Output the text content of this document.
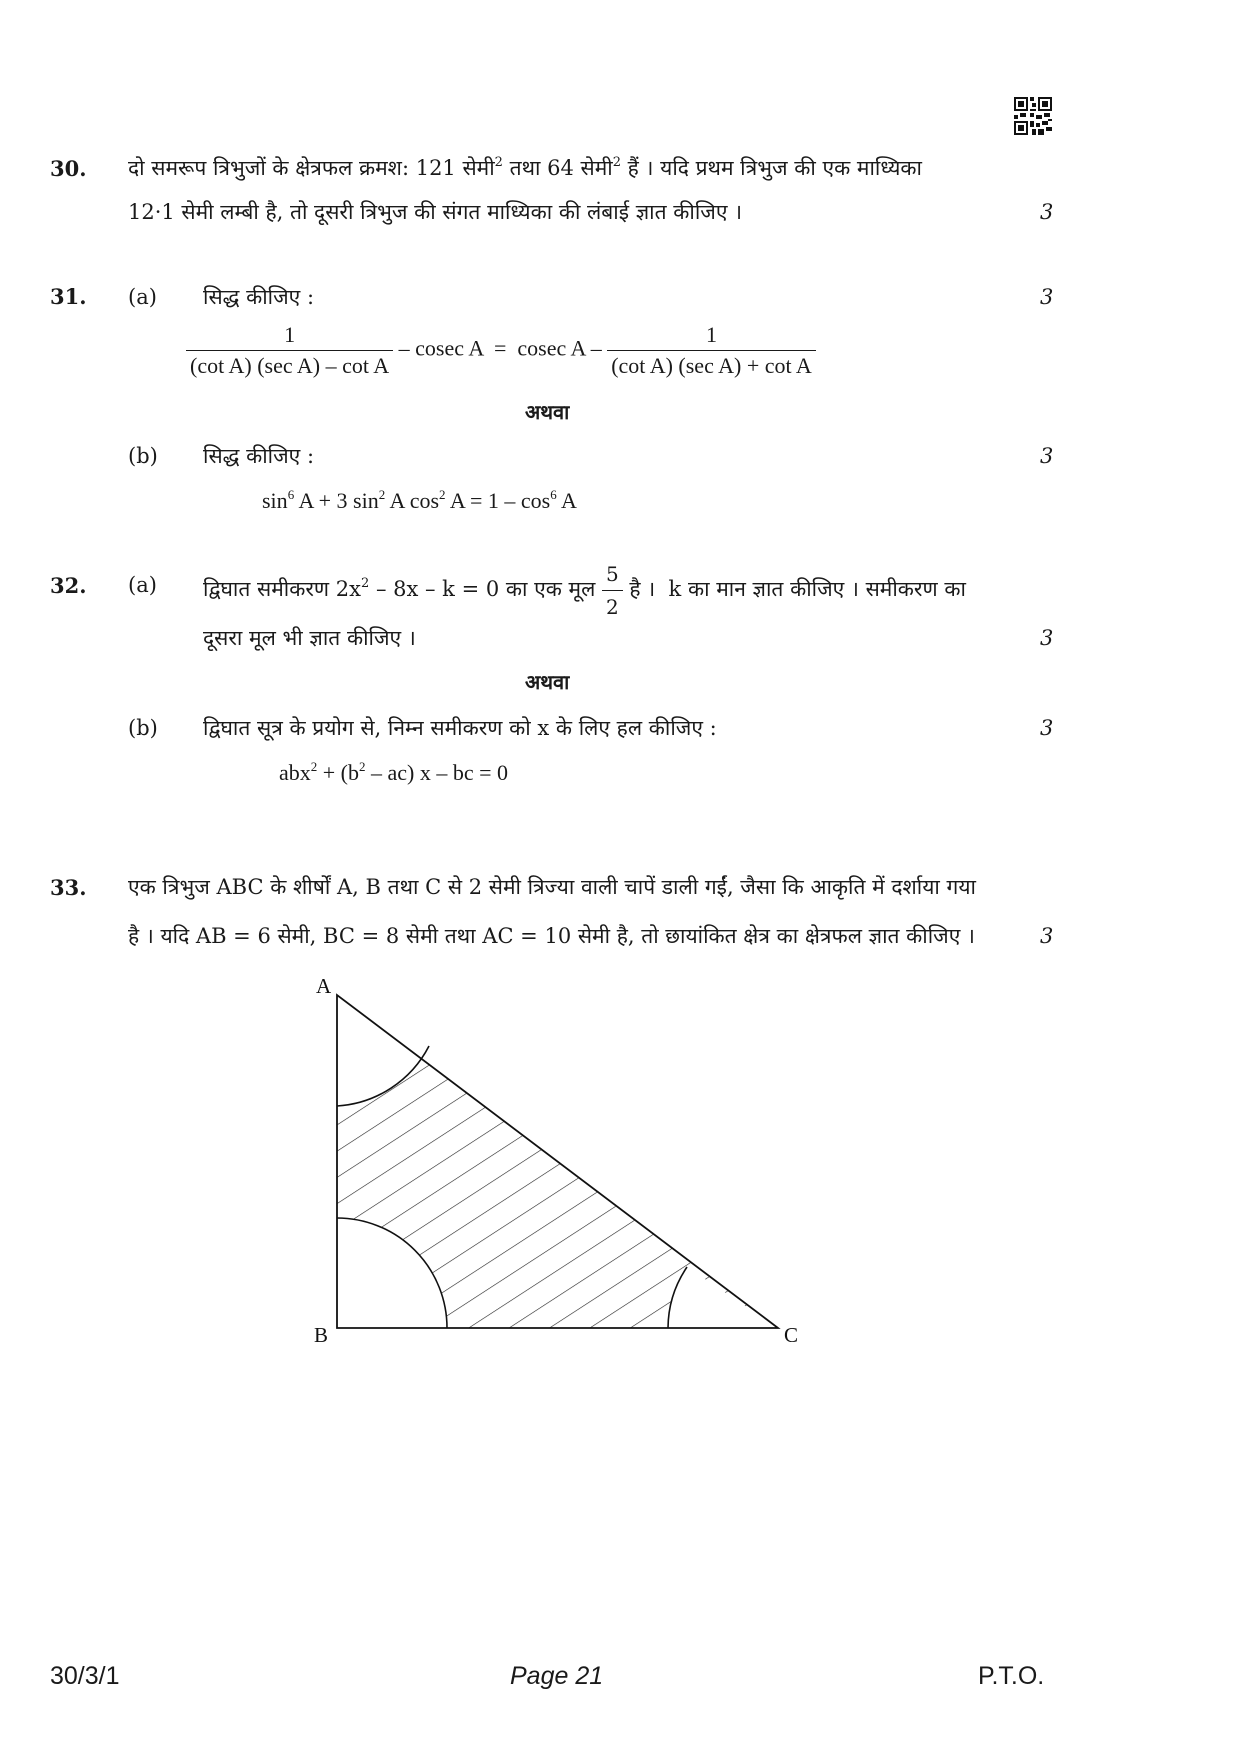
30. दो समरूप त्रिभुजों के क्षेत्रफल क्रमश: 121 सेमी$^2$ तथा 64 सेमी$^2$ हैं । यदि प्रथम त्रिभुज की एक माध्यिका
12·1 सेमी लम्बी है, तो दूसरी त्रिभुज की संगत माध्यिका की लंबाई ज्ञात कीजिए ।	3
31. (a) सिद्ध कीजिए :	3
$\frac{1}{\text{(cot A) (sec A) – cot A}}$ – cosec A  =  cosec A – $\frac{1}{\text{(cot A) (sec A) + cot A}}$
अथवा
(b) सिद्ध कीजिए :	3
$\sin^6 A + 3$ $\sin^2 A$ $\cos^2 A = 1 - \cos^6 A$
32. (a) द्विघात समीकरण $2x^2 - 8x - k = 0$ का एक मूल $\frac{5}{2}$ है ।  k का मान ज्ञात कीजिए । समीकरण का
दूसरा मूल भी ज्ञात कीजिए ।	3
अथवा
(b) द्विघात सूत्र के प्रयोग से, निम्न समीकरण को x के लिए हल कीजिए :	3
$abx^2 + (b^2 - ac)$ x – bc = 0
33. एक त्रिभुज ABC के शीर्षों A, B तथा C से 2 सेमी त्रिज्या वाली चापें डाली गईं, जैसा कि आकृति में दर्शाया गया
है । यदि AB = 6 सेमी, BC = 8 सेमी तथा AC = 10 सेमी है, तो छायांकित क्षेत्र का क्षेत्रफल ज्ञात कीजिए ।	3
A
B	C
30/3/1	Page 21	P.T.O.
